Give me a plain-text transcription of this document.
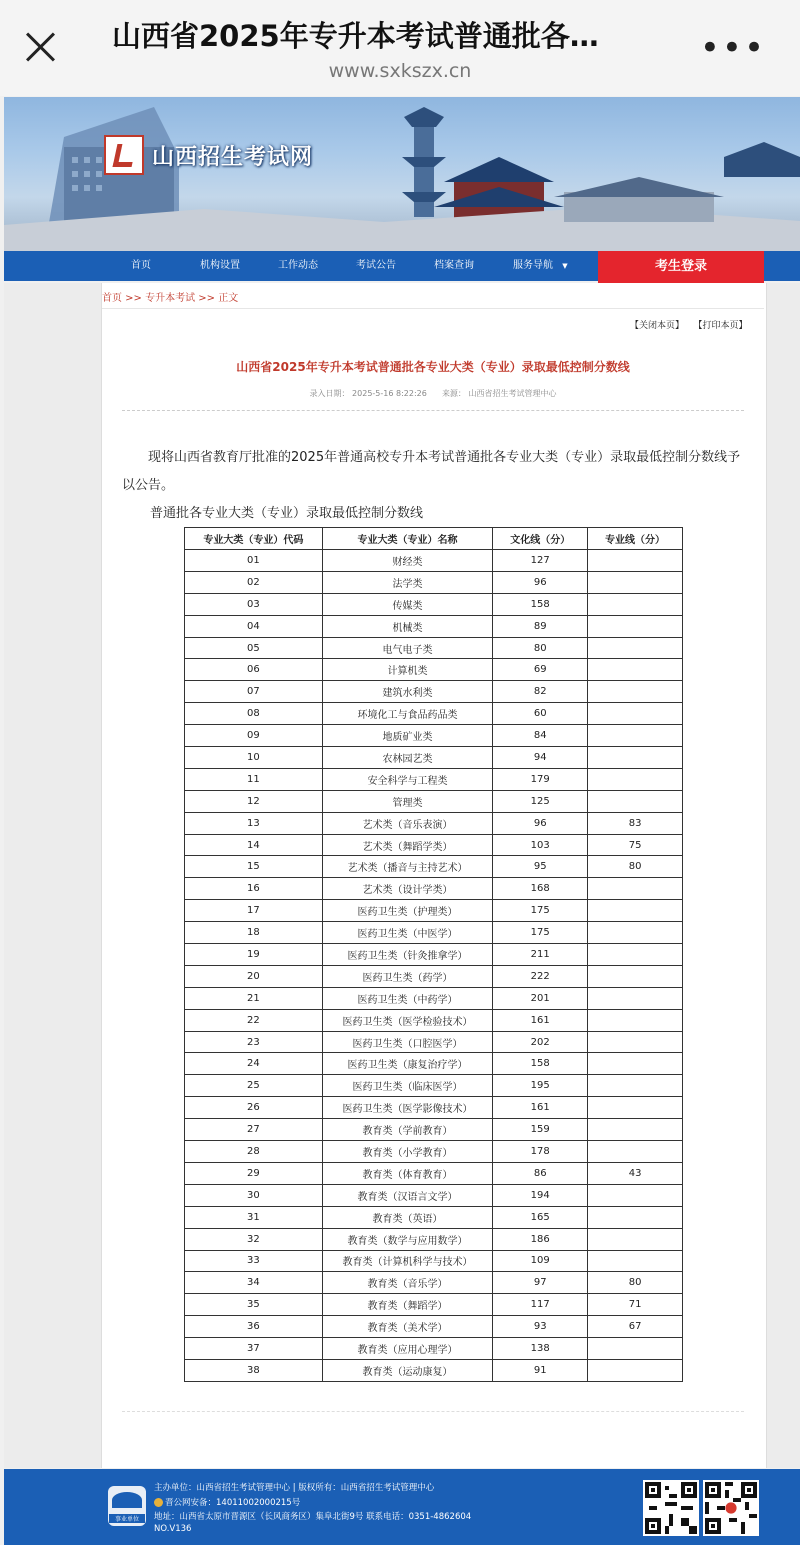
山西省2025年专升本考试普通批各…
www.sxkszx.cn
•••
山西招生考试网
首页	机构设置	工作动态	考试公告	档案查询	服务导航 ▼	考生登录
首页 >> 专升本考试 >> 正文
【关闭本页】 【打印本页】
山西省2025年专升本考试普通批各专业大类（专业）录取最低控制分数线
录入日期： 2025-5-16 8:22:26 来源： 山西省招生考试管理中心
现将山西省教育厅批准的2025年普通高校专升本考试普通批各专业大类（专业）录取最低控制分数线予以公告。
普通批各专业大类（专业）录取最低控制分数线
专业大类（专业）代码	专业大类（专业）名称	文化线（分）	专业线（分）
01	财经类	127	
02	法学类	96	
03	传媒类	158	
04	机械类	89	
05	电气电子类	80	
06	计算机类	69	
07	建筑水利类	82	
08	环境化工与食品药品类	60	
09	地质矿业类	84	
10	农林园艺类	94	
11	安全科学与工程类	179	
12	管理类	125	
13	艺术类（音乐表演）	96	83
14	艺术类（舞蹈学类）	103	75
15	艺术类（播音与主持艺术）	95	80
16	艺术类（设计学类）	168	
17	医药卫生类（护理类）	175	
18	医药卫生类（中医学）	175	
19	医药卫生类（针灸推拿学）	211	
20	医药卫生类（药学）	222	
21	医药卫生类（中药学）	201	
22	医药卫生类（医学检验技术）	161	
23	医药卫生类（口腔医学）	202	
24	医药卫生类（康复治疗学）	158	
25	医药卫生类（临床医学）	195	
26	医药卫生类（医学影像技术）	161	
27	教育类（学前教育）	159	
28	教育类（小学教育）	178	
29	教育类（体育教育）	86	43
30	教育类（汉语言文学）	194	
31	教育类（英语）	165	
32	教育类（数学与应用数学）	186	
33	教育类（计算机科学与技术）	109	
34	教育类（音乐学）	97	80
35	教育类（舞蹈学）	117	71
36	教育类（美术学）	93	67
37	教育类（应用心理学）	138	
38	教育类（运动康复）	91	
事业单位
主办单位：山西省招生考试管理中心 | 版权所有：山西省招生考试管理中心
晋公网安备：14011002000215号
地址：山西省太原市晋源区（长风商务区）集阜北街9号 联系电话：0351-4862604
NO.V136
